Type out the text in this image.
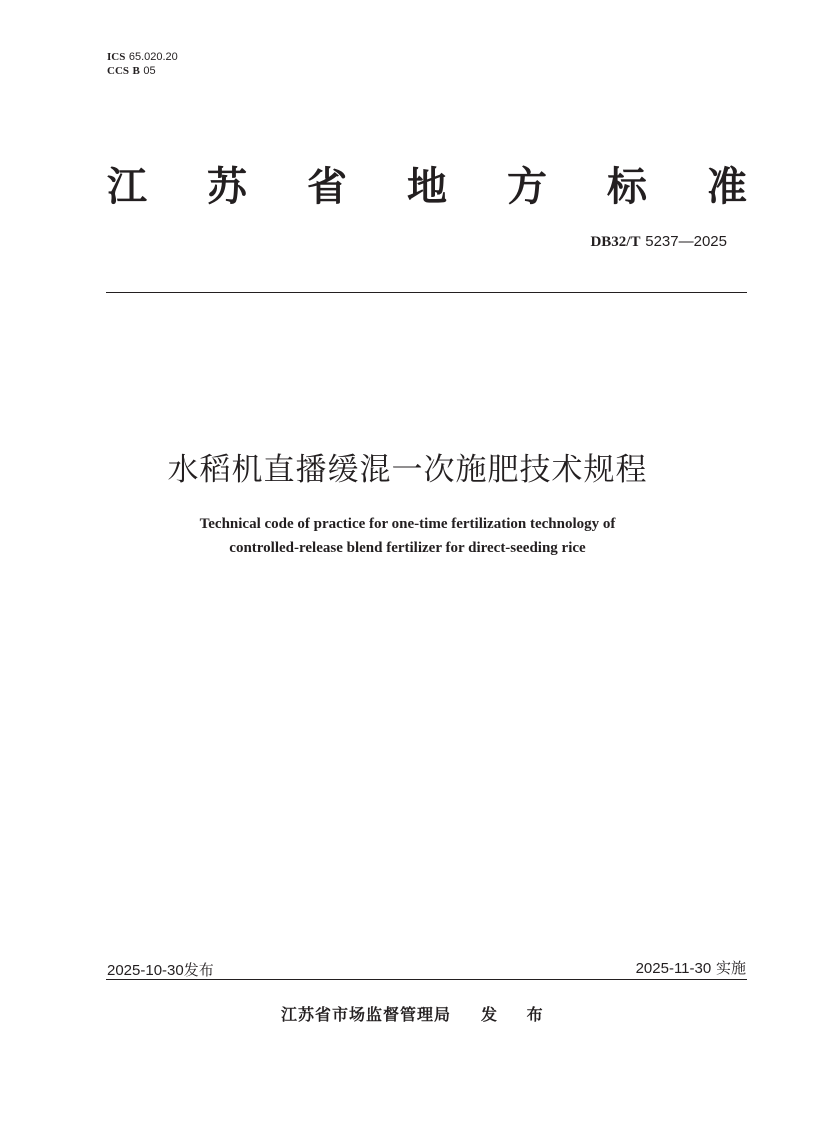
ICS 65.020.20
CCS B 05
江 苏 省 地 方 标 准
DB32/T 5237—2025
水稻机直播缓混一次施肥技术规程
Technical code of practice for one-time fertilization technology of
controlled-release blend fertilizer for direct-seeding rice
2025-10-30发布	2025-11-30 实施
江苏省市场监督管理局 发 布
